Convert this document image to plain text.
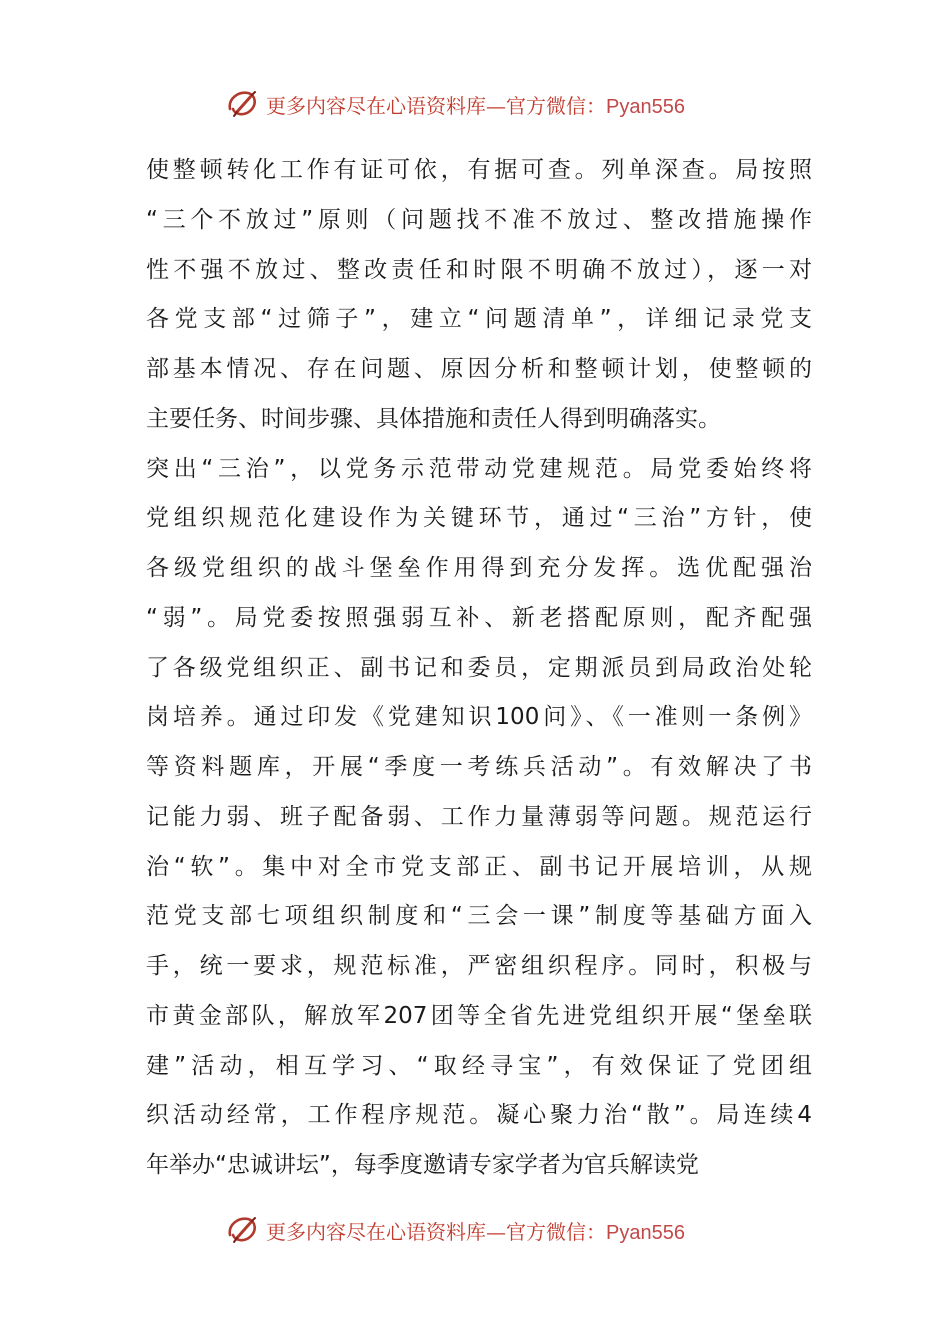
更多内容尽在心语资料库—官方微信：Pyan556
使整顿转化工作有证可依，有据可查。列单深查。局按照
“三个不放过”原则（问题找不准不放过、整改措施操作
性不强不放过、整改责任和时限不明确不放过），逐一对
各党支部“过筛子”，建立“问题清单”，详细记录党支
部基本情况、存在问题、原因分析和整顿计划，使整顿的
主要任务、时间步骤、具体措施和责任人得到明确落实。
突出“三治”，以党务示范带动党建规范。局党委始终将
党组织规范化建设作为关键环节，通过“三治”方针，使
各级党组织的战斗堡垒作用得到充分发挥。选优配强治
“弱”。局党委按照强弱互补、新老搭配原则，配齐配强
了各级党组织正、副书记和委员，定期派员到局政治处轮
岗培养。通过印发《党建知识100问》、《一准则一条例》
等资料题库，开展“季度一考练兵活动”。有效解决了书
记能力弱、班子配备弱、工作力量薄弱等问题。规范运行
治“软”。集中对全市党支部正、副书记开展培训，从规
范党支部七项组织制度和“三会一课”制度等基础方面入
手，统一要求，规范标准，严密组织程序。同时，积极与
市黄金部队，解放军207团等全省先进党组织开展“堡垒联
建”活动，相互学习、“取经寻宝”，有效保证了党团组
织活动经常，工作程序规范。凝心聚力治“散”。局连续4
年举办“忠诚讲坛”，每季度邀请专家学者为官兵解读党
更多内容尽在心语资料库—官方微信：Pyan556
